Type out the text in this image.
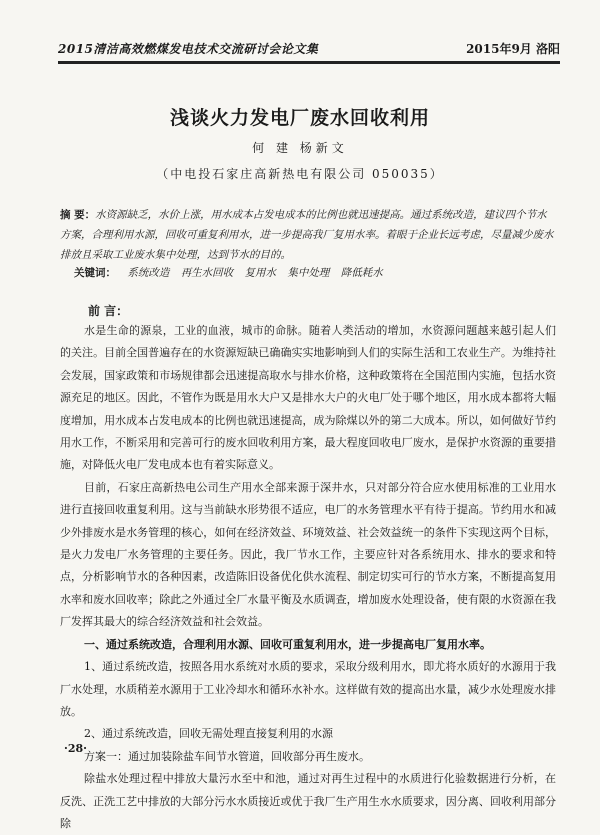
2015清洁高效燃煤发电技术交流研讨会论文集	2015年9月 洛阳
浅谈火力发电厂废水回收利用
何 建 杨新文
（中电投石家庄高新热电有限公司 050035）
摘 要：水资源缺乏，水价上涨，用水成本占发电成本的比例也就迅速提高。通过系统改造，建议四个节水方案，合理利用水源，回收可重复利用水，进一步提高我厂复用水率。着眼于企业长远考虑，尽量减少废水排放且采取工业废水集中处理，达到节水的目的。
关键词： 系统改造 再生水回收 复用水 集中处理 降低耗水
前 言：

水是生命的源泉，工业的血液，城市的命脉。随着人类活动的增加，水资源问题越来越引起人们的关注。目前全国普遍存在的水资源短缺已确确实实地影响到人们的实际生活和工农业生产。为维持社会发展，国家政策和市场规律都会迅速提高取水与排水价格，这种政策将在全国范围内实施，包括水资源充足的地区。因此，不管作为既是用水大户又是排水大户的火电厂处于哪个地区，用水成本都将大幅度增加，用水成本占发电成本的比例也就迅速提高，成为除煤以外的第二大成本。所以，如何做好节约用水工作，不断采用和完善可行的废水回收利用方案，最大程度回收电厂废水，是保护水资源的重要措施，对降低火电厂发电成本也有着实际意义。

目前，石家庄高新热电公司生产用水全部来源于深井水，只对部分符合应水使用标准的工业用水进行直接回收重复利用。这与当前缺水形势很不适应，电厂的水务管理水平有待于提高。节约用水和减少外排废水是水务管理的核心，如何在经济效益、环境效益、社会效益统一的条件下实现这两个目标，是火力发电厂水务管理的主要任务。因此，我厂节水工作，主要应针对各系统用水、排水的要求和特点，分析影响节水的各种因素，改造陈旧设备优化供水流程、制定切实可行的节水方案，不断提高复用水率和废水回收率；除此之外通过全厂水量平衡及水质调查，增加废水处理设备，使有限的水资源在我厂发挥其最大的综合经济效益和社会效益。

一、通过系统改造，合理利用水源、回收可重复利用水，进一步提高电厂复用水率。

1、通过系统改造，按照各用水系统对水质的要求，采取分级利用水，即尤将水质好的水源用于我厂水处理，水质稍差水源用于工业冷却水和循环水补水。这样做有效的提高出水量，减少水处理废水排放。

2、通过系统改造，回收无需处理直接复利用的水源

方案一：通过加装除盐车间节水管道，回收部分再生废水。

除盐水处理过程中排放大量污水至中和池，通过对再生过程中的水质进行化验数据进行分析，在反洗、正洗工艺中排放的大部分污水水质接近或优于我厂生产用生水水质要求，因分离、回收利用部分除

·28·
